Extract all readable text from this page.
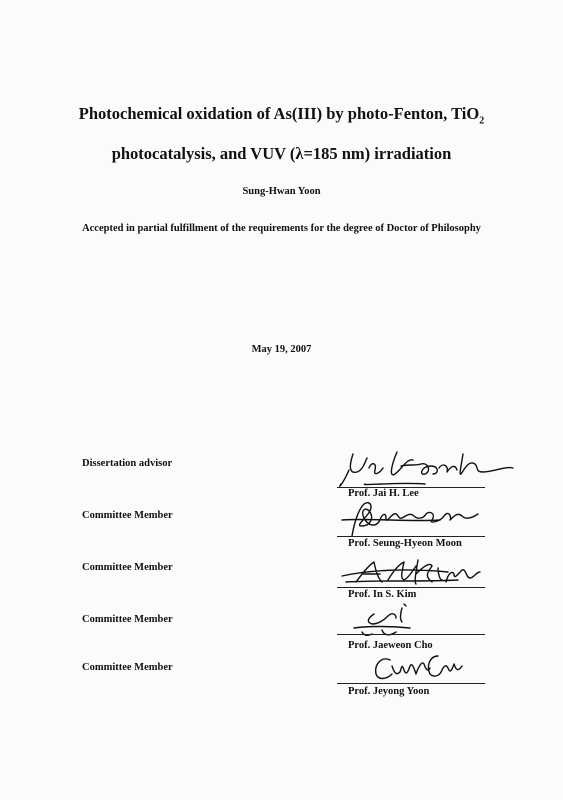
Photochemical oxidation of As(III) by photo-Fenton, TiO$_2$
photocatalysis, and VUV (λ=185 nm) irradiation
Sung-Hwan Yoon
Accepted in partial fulfillment of the requirements for the degree of Doctor of Philosophy
May 19, 2007
Dissertation advisor
Prof. Jai H. Lee
Committee Member
Prof. Seung-Hyeon Moon
Committee Member
Prof. In S. Kim
Committee Member
Prof. Jaeweon Cho
Committee Member
Prof. Jeyong Yoon
